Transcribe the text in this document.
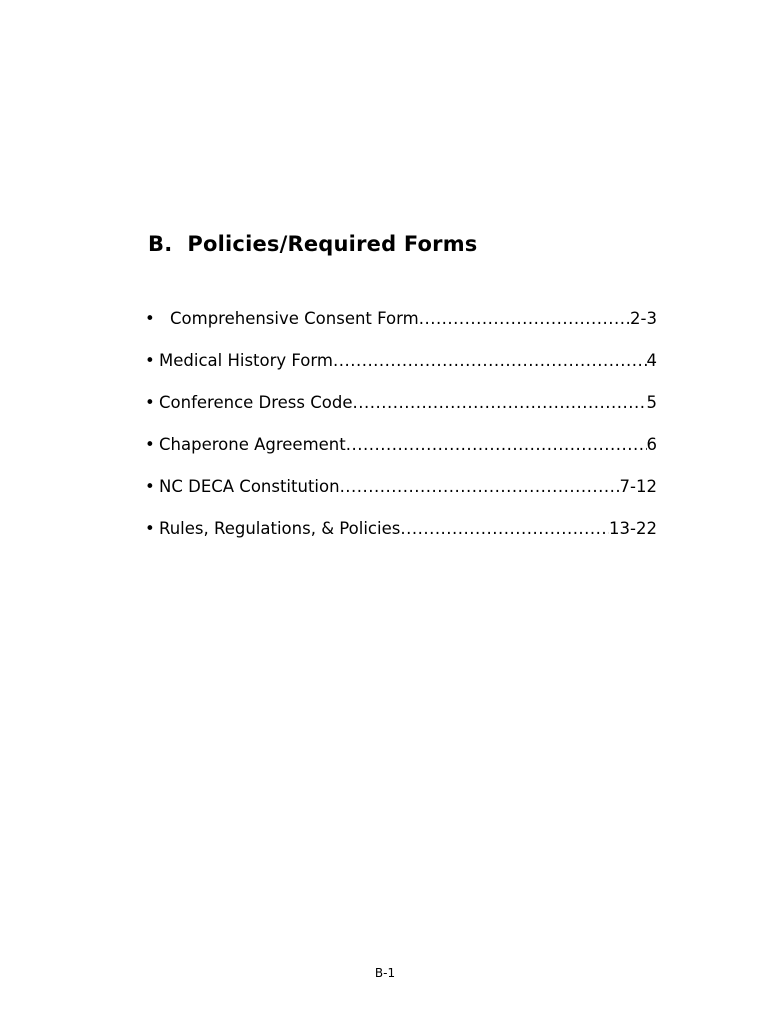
B.  Policies/Required Forms
• Comprehensive Consent Form .....	2-3
• Medical History Form .....	4
• Conference Dress Code .....	5
• Chaperone Agreement .....	6
• NC DECA Constitution .....	7-12
• Rules, Regulations, & Policies .....	13-22
B-1
